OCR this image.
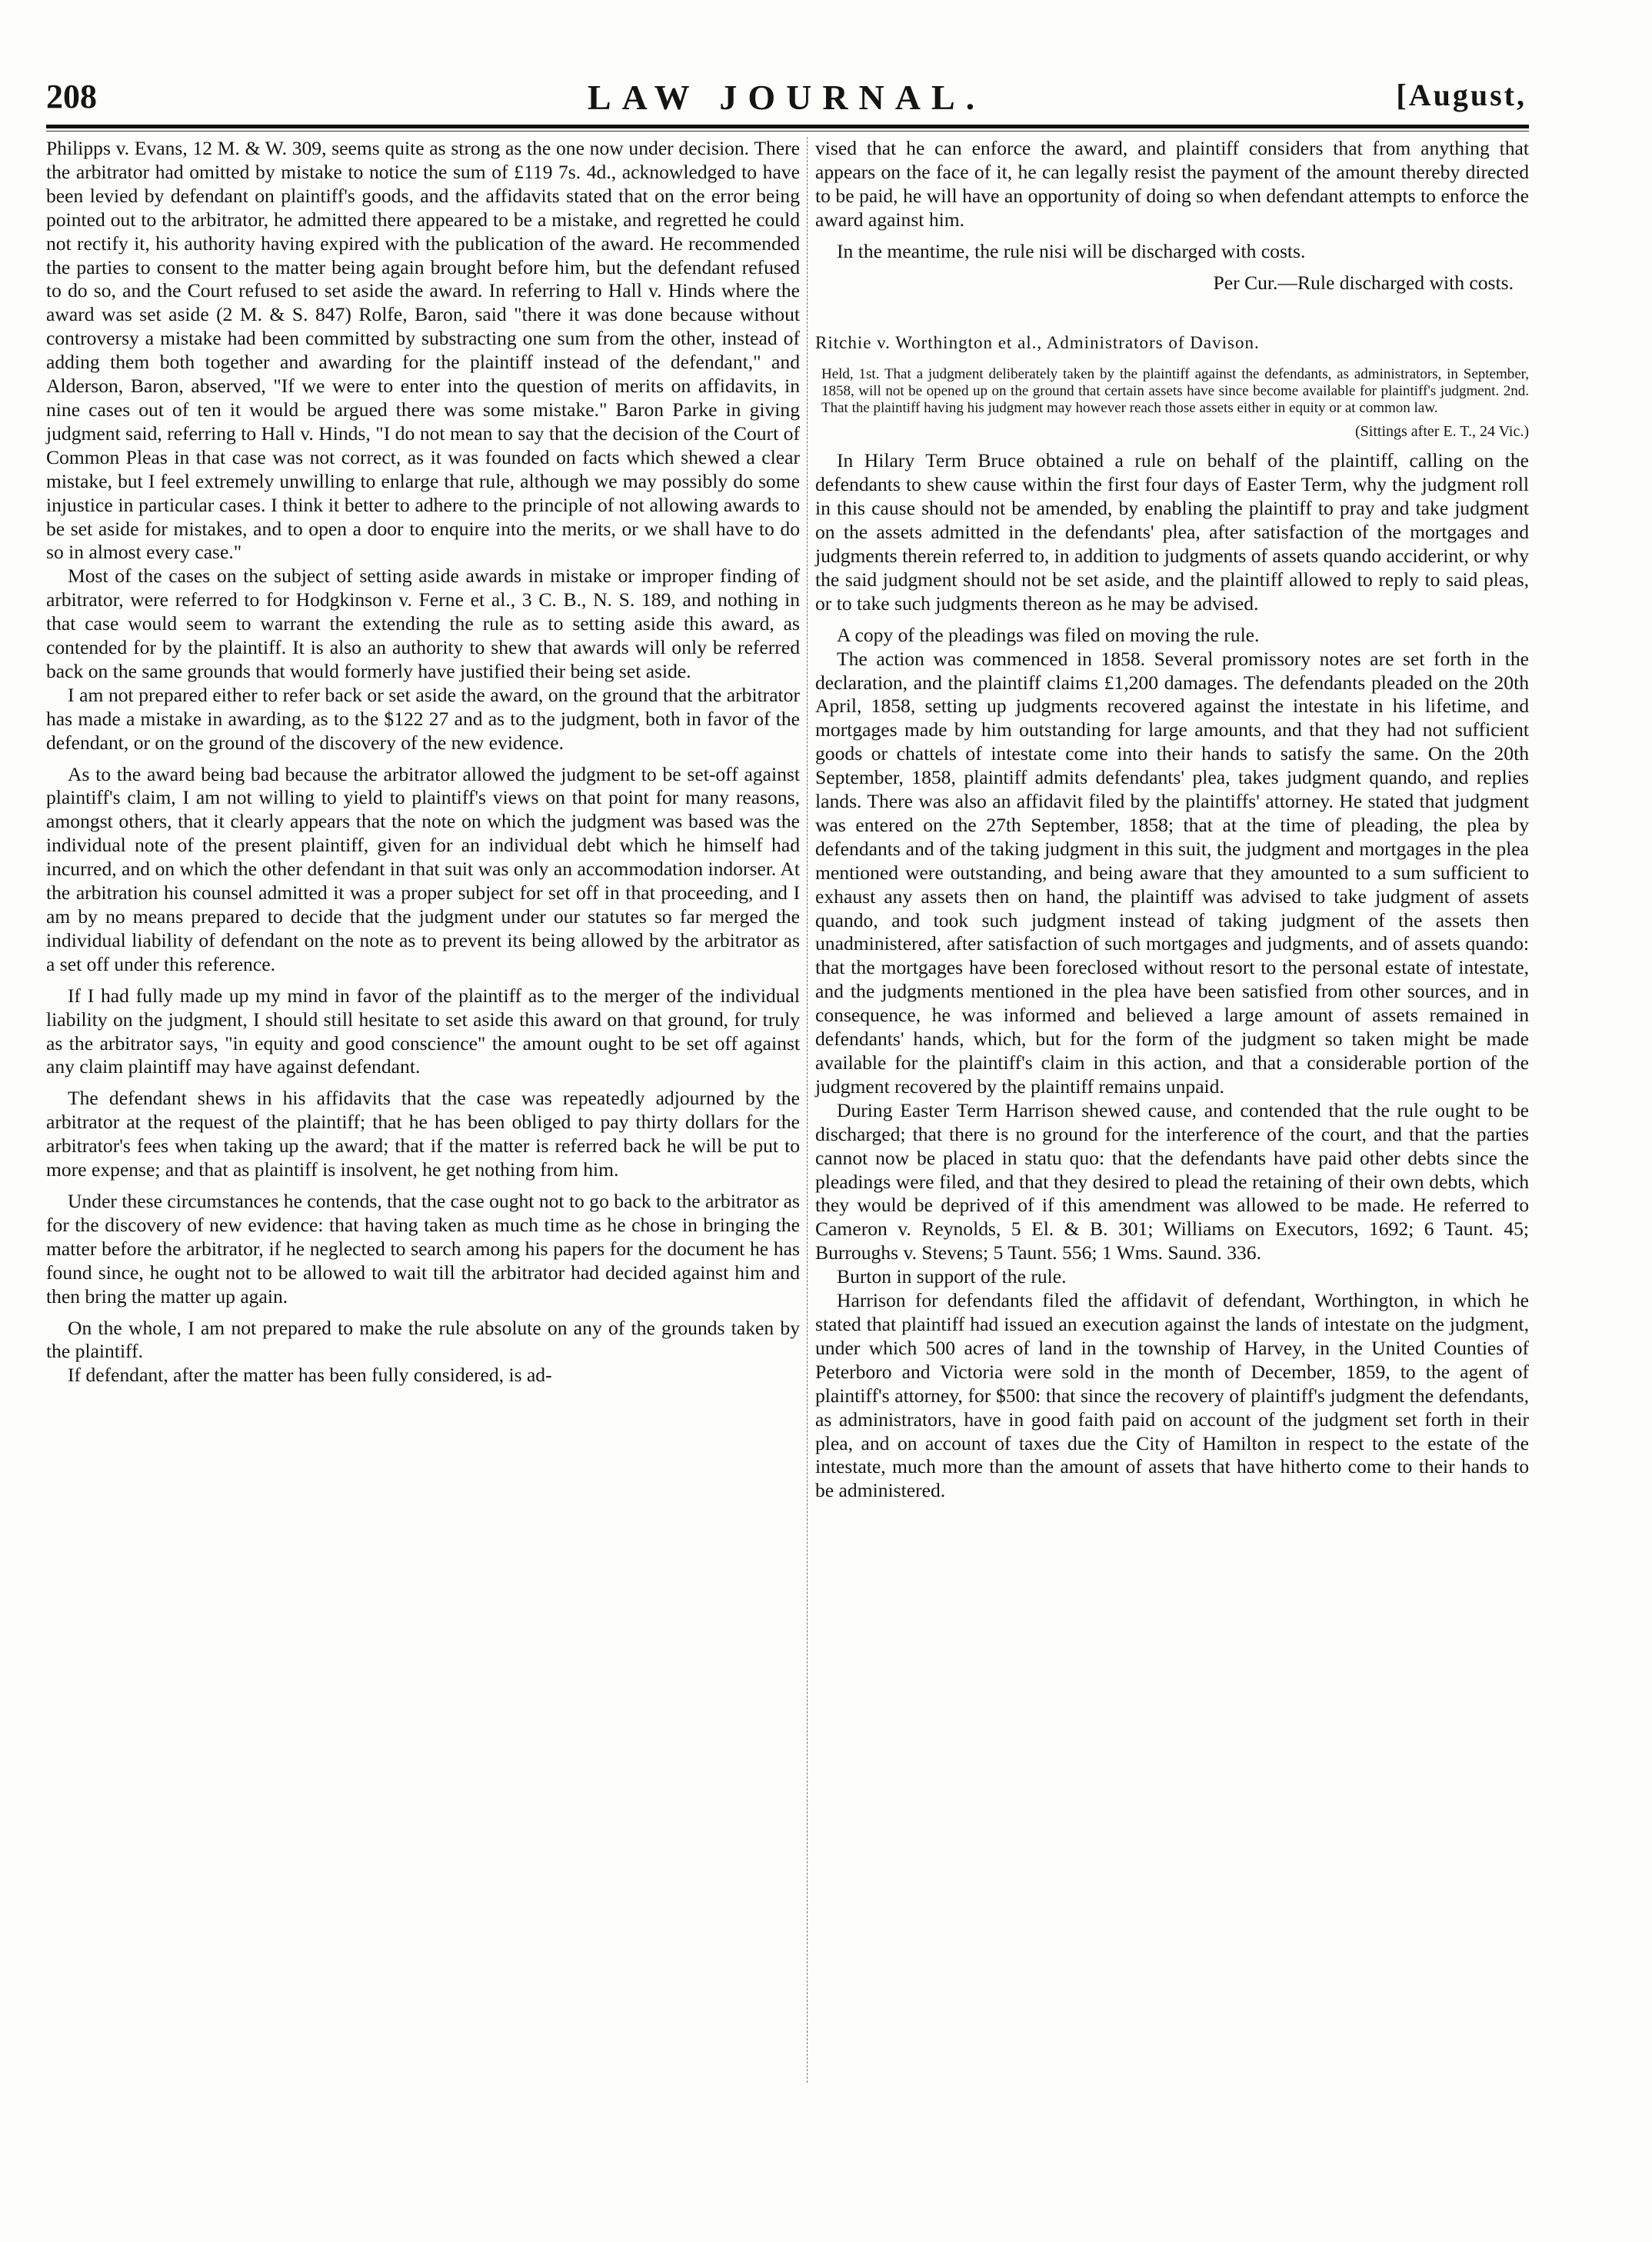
208	LAW JOURNAL.	[August,

Philipps v. Evans, 12 M. & W. 309, seems quite as strong as the one now under decision. There the arbitrator had omitted by mistake to notice the sum of £119 7s. 4d., acknowledged to have been levied by defendant on plaintiff's goods, and the affidavits stated that on the error being pointed out to the arbitrator, he admitted there appeared to be a mistake, and regretted he could not rectify it, his authority having expired with the publication of the award. He recommended the parties to consent to the matter being again brought before him, but the defendant refused to do so, and the Court refused to set aside the award. In referring to Hall v. Hinds where the award was set aside (2 M. & S. 847) Rolfe, Baron, said "there it was done because without controversy a mistake had been committed by substracting one sum from the other, instead of adding them both together and awarding for the plaintiff instead of the defendant," and Alderson, Baron, abserved, "If we were to enter into the question of merits on affidavits, in nine cases out of ten it would be argued there was some mistake." Baron Parke in giving judgment said, referring to Hall v. Hinds, "I do not mean to say that the decision of the Court of Common Pleas in that case was not correct, as it was founded on facts which shewed a clear mistake, but I feel extremely unwilling to enlarge that rule, although we may possibly do some injustice in particular cases. I think it better to adhere to the principle of not allowing awards to be set aside for mistakes, and to open a door to enquire into the merits, or we shall have to do so in almost every case."

Most of the cases on the subject of setting aside awards in mistake or improper finding of arbitrator, were referred to for Hodgkinson v. Ferne et al., 3 C. B., N. S. 189, and nothing in that case would seem to warrant the extending the rule as to setting aside this award, as contended for by the plaintiff. It is also an authority to shew that awards will only be referred back on the same grounds that would formerly have justified their being set aside.

I am not prepared either to refer back or set aside the award, on the ground that the arbitrator has made a mistake in awarding, as to the $122 27 and as to the judgment, both in favor of the defendant, or on the ground of the discovery of the new evidence.

As to the award being bad because the arbitrator allowed the judgment to be set-off against plaintiff's claim, I am not willing to yield to plaintiff's views on that point for many reasons, amongst others, that it clearly appears that the note on which the judgment was based was the individual note of the present plaintiff, given for an individual debt which he himself had incurred, and on which the other defendant in that suit was only an accommodation indorser. At the arbitration his counsel admitted it was a proper subject for set off in that proceeding, and I am by no means prepared to decide that the judgment under our statutes so far merged the individual liability of defendant on the note as to prevent its being allowed by the arbitrator as a set off under this reference.

If I had fully made up my mind in favor of the plaintiff as to the merger of the individual liability on the judgment, I should still hesitate to set aside this award on that ground, for truly as the arbitrator says, "in equity and good conscience" the amount ought to be set off against any claim plaintiff may have against defendant.

The defendant shews in his affidavits that the case was repeatedly adjourned by the arbitrator at the request of the plaintiff; that he has been obliged to pay thirty dollars for the arbitrator's fees when taking up the award; that if the matter is referred back he will be put to more expense; and that as plaintiff is insolvent, he get nothing from him.

Under these circumstances he contends, that the case ought not to go back to the arbitrator as for the discovery of new evidence: that having taken as much time as he chose in bringing the matter before the arbitrator, if he neglected to search among his papers for the document he has found since, he ought not to be allowed to wait till the arbitrator had decided against him and then bring the matter up again.

On the whole, I am not prepared to make the rule absolute on any of the grounds taken by the plaintiff.

If defendant, after the matter has been fully considered, is ad-

vised that he can enforce the award, and plaintiff considers that from anything that appears on the face of it, he can legally resist the payment of the amount thereby directed to be paid, he will have an opportunity of doing so when defendant attempts to enforce the award against him.

In the meantime, the rule nisi will be discharged with costs.

Per Cur.—Rule discharged with costs.

Ritchie v. Worthington et al., Administrators of Davison.

Held, 1st. That a judgment deliberately taken by the plaintiff against the defendants, as administrators, in September, 1858, will not be opened up on the ground that certain assets have since become available for plaintiff's judgment. 2nd. That the plaintiff having his judgment may however reach those assets either in equity or at common law.

(Sittings after E. T., 24 Vic.)

In Hilary Term Bruce obtained a rule on behalf of the plaintiff, calling on the defendants to shew cause within the first four days of Easter Term, why the judgment roll in this cause should not be amended, by enabling the plaintiff to pray and take judgment on the assets admitted in the defendants' plea, after satisfaction of the mortgages and judgments therein referred to, in addition to judgments of assets quando acciderint, or why the said judgment should not be set aside, and the plaintiff allowed to reply to said pleas, or to take such judgments thereon as he may be advised.

A copy of the pleadings was filed on moving the rule.

The action was commenced in 1858. Several promissory notes are set forth in the declaration, and the plaintiff claims £1,200 damages. The defendants pleaded on the 20th April, 1858, setting up judgments recovered against the intestate in his lifetime, and mortgages made by him outstanding for large amounts, and that they had not sufficient goods or chattels of intestate come into their hands to satisfy the same. On the 20th September, 1858, plaintiff admits defendants' plea, takes judgment quando, and replies lands. There was also an affidavit filed by the plaintiffs' attorney. He stated that judgment was entered on the 27th September, 1858; that at the time of pleading, the plea by defendants and of the taking judgment in this suit, the judgment and mortgages in the plea mentioned were outstanding, and being aware that they amounted to a sum sufficient to exhaust any assets then on hand, the plaintiff was advised to take judgment of assets quando, and took such judgment instead of taking judgment of the assets then unadministered, after satisfaction of such mortgages and judgments, and of assets quando: that the mortgages have been foreclosed without resort to the personal estate of intestate, and the judgments mentioned in the plea have been satisfied from other sources, and in consequence, he was informed and believed a large amount of assets remained in defendants' hands, which, but for the form of the judgment so taken might be made available for the plaintiff's claim in this action, and that a considerable portion of the judgment recovered by the plaintiff remains unpaid.

During Easter Term Harrison shewed cause, and contended that the rule ought to be discharged; that there is no ground for the interference of the court, and that the parties cannot now be placed in statu quo: that the defendants have paid other debts since the pleadings were filed, and that they desired to plead the retaining of their own debts, which they would be deprived of if this amendment was allowed to be made. He referred to Cameron v. Reynolds, 5 El. & B. 301; Williams on Executors, 1692; 6 Taunt. 45; Burroughs v. Stevens; 5 Taunt. 556; 1 Wms. Saund. 336.

Burton in support of the rule.

Harrison for defendants filed the affidavit of defendant, Worthington, in which he stated that plaintiff had issued an execution against the lands of intestate on the judgment, under which 500 acres of land in the township of Harvey, in the United Counties of Peterboro and Victoria were sold in the month of December, 1859, to the agent of plaintiff's attorney, for $500: that since the recovery of plaintiff's judgment the defendants, as administrators, have in good faith paid on account of the judgment set forth in their plea, and on account of taxes due the City of Hamilton in respect to the estate of the intestate, much more than the amount of assets that have hitherto come to their hands to be administered.
